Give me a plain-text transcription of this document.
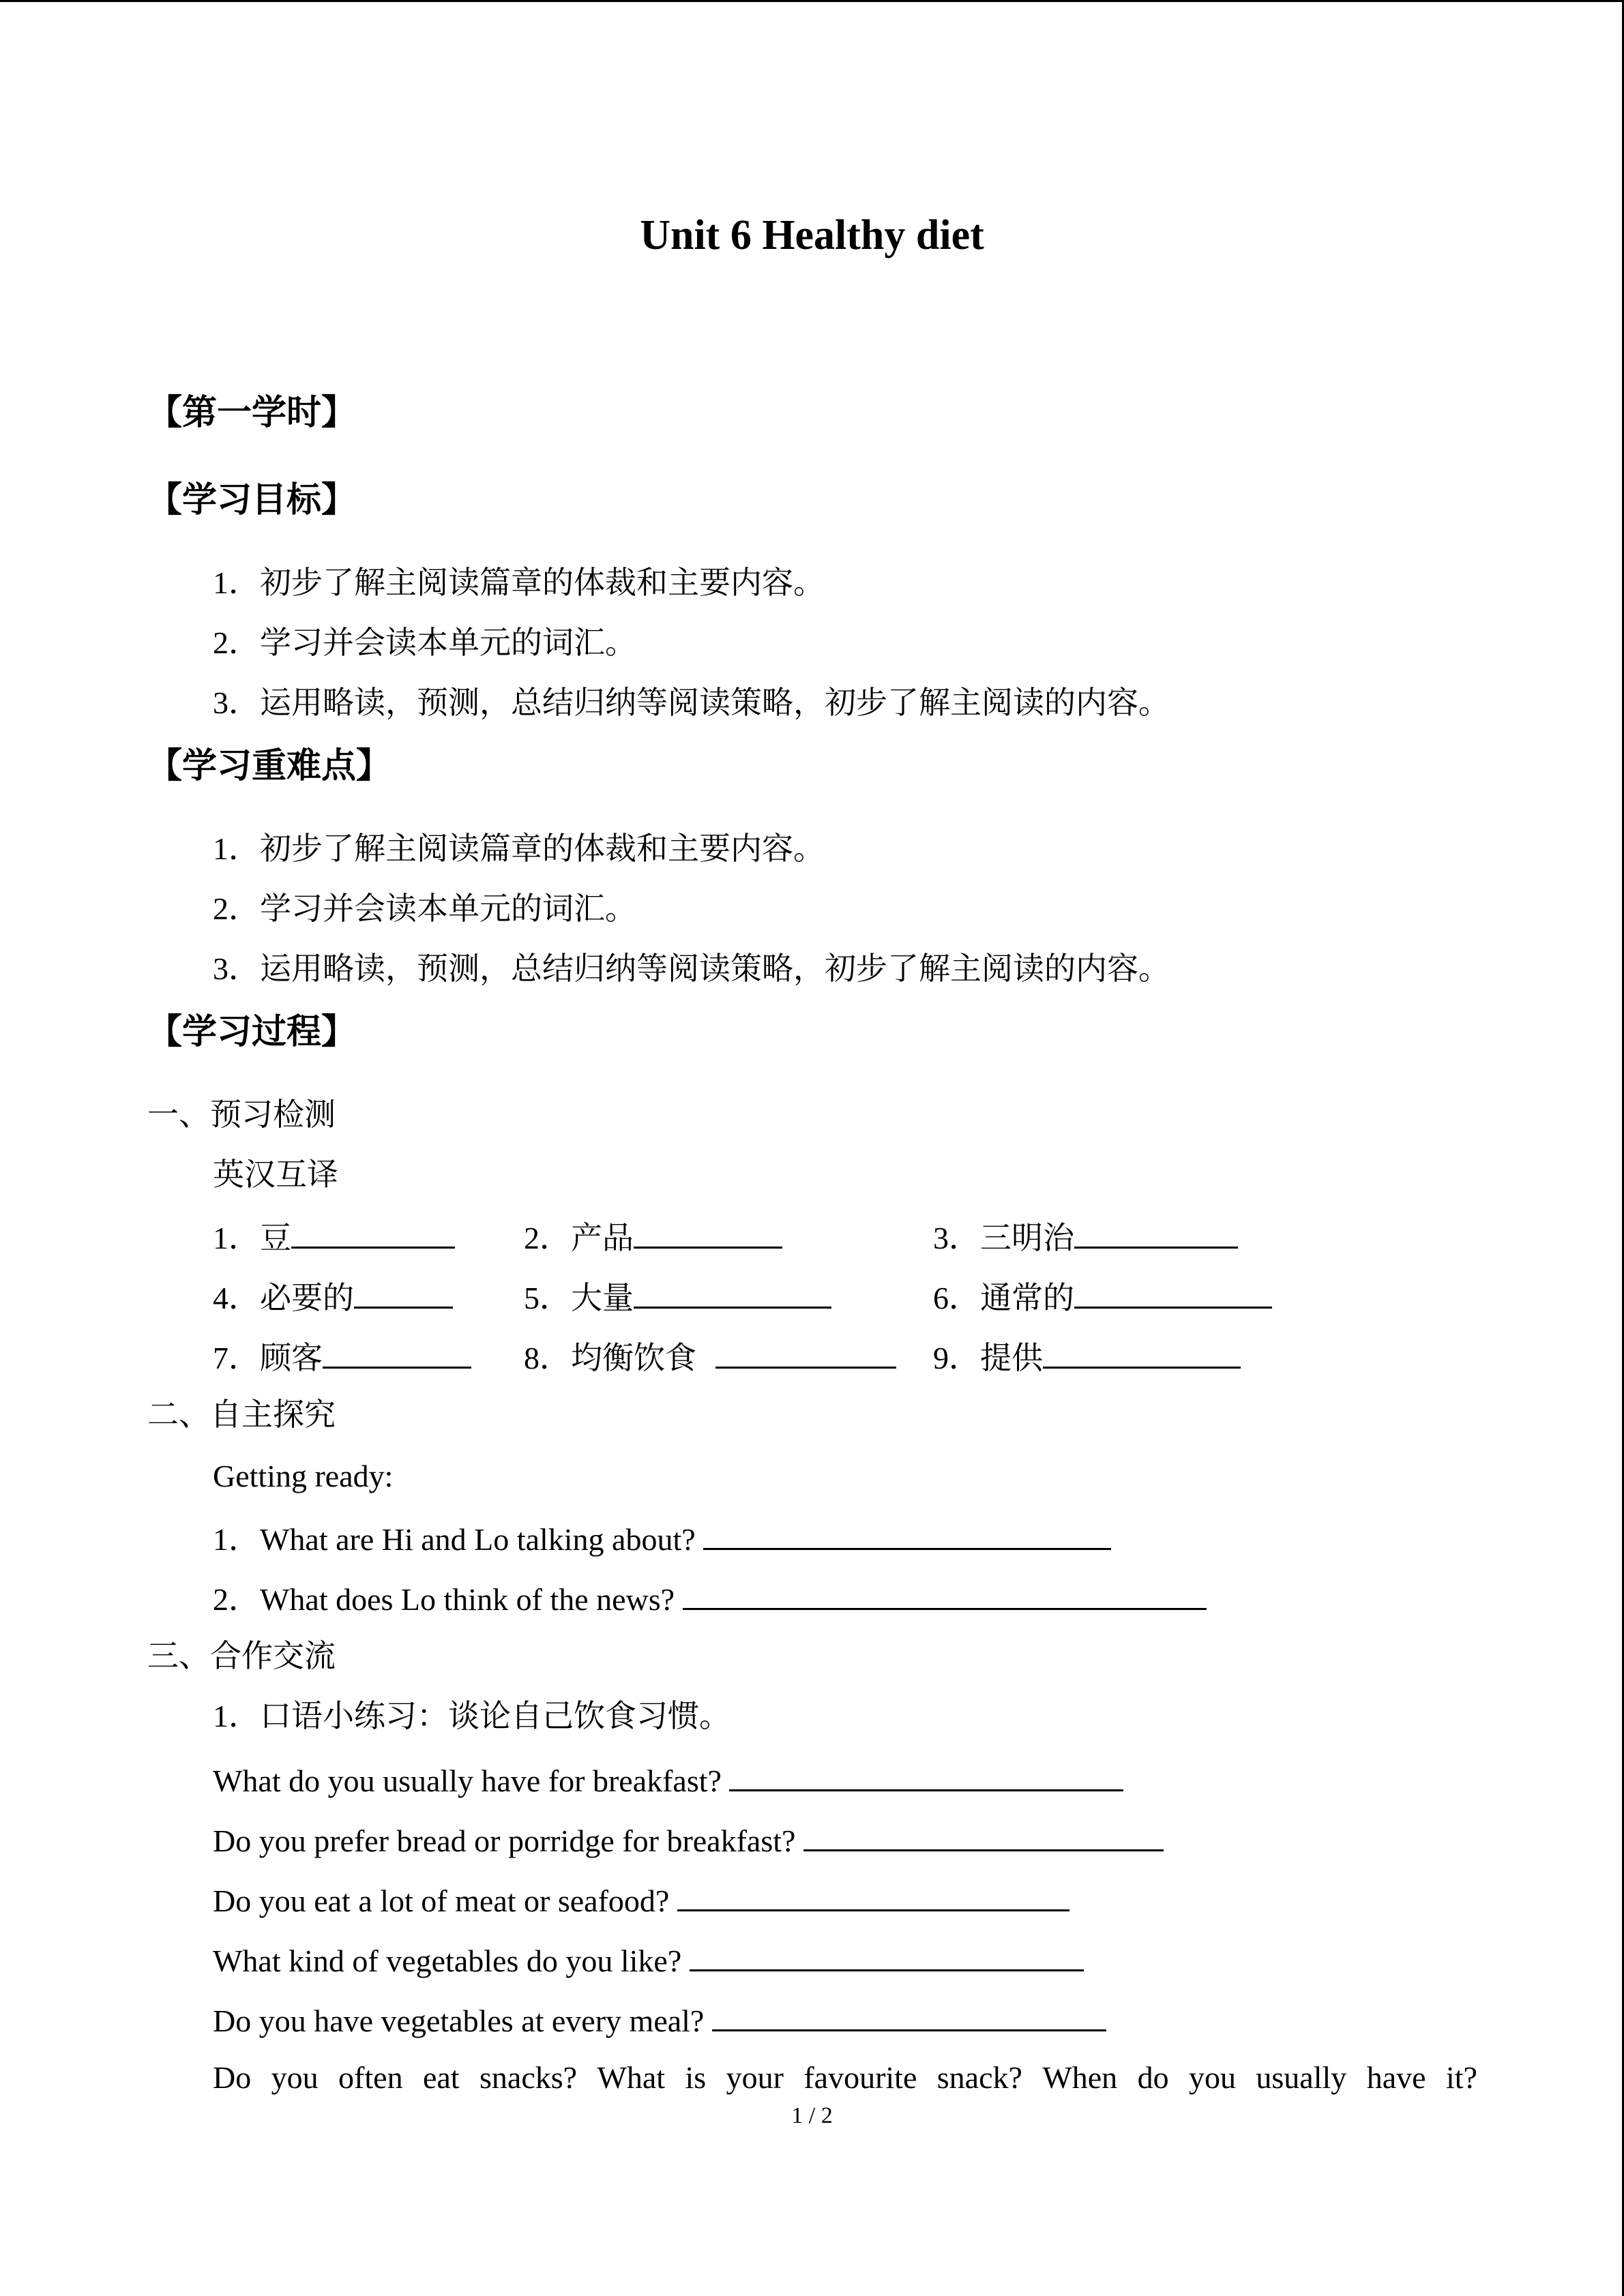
Unit 6 Healthy diet
【第一学时】
【学习目标】
1．初步了解主阅读篇章的体裁和主要内容。
2．学习并会读本单元的词汇。
3．运用略读，预测，总结归纳等阅读策略，初步了解主阅读的内容。
【学习重难点】
1．初步了解主阅读篇章的体裁和主要内容。
2．学习并会读本单元的词汇。
3．运用略读，预测，总结归纳等阅读策略，初步了解主阅读的内容。
【学习过程】
一、预习检测
英汉互译
1．豆	2．产品	3．三明治
4．必要的	5．大量	6．通常的
7．顾客	8．均衡饮食	9．提供
二、自主探究
Getting ready:
1．What are Hi and Lo talking about?
2．What does Lo think of the news?
三、合作交流
1．口语小练习：谈论自己饮食习惯。
What do you usually have for breakfast?
Do you prefer bread or porridge for breakfast?
Do you eat a lot of meat or seafood?
What kind of vegetables do you like?
Do you have vegetables at every meal?
Do you often eat snacks? What is your favourite snack? When do you usually have it?
1 / 2
